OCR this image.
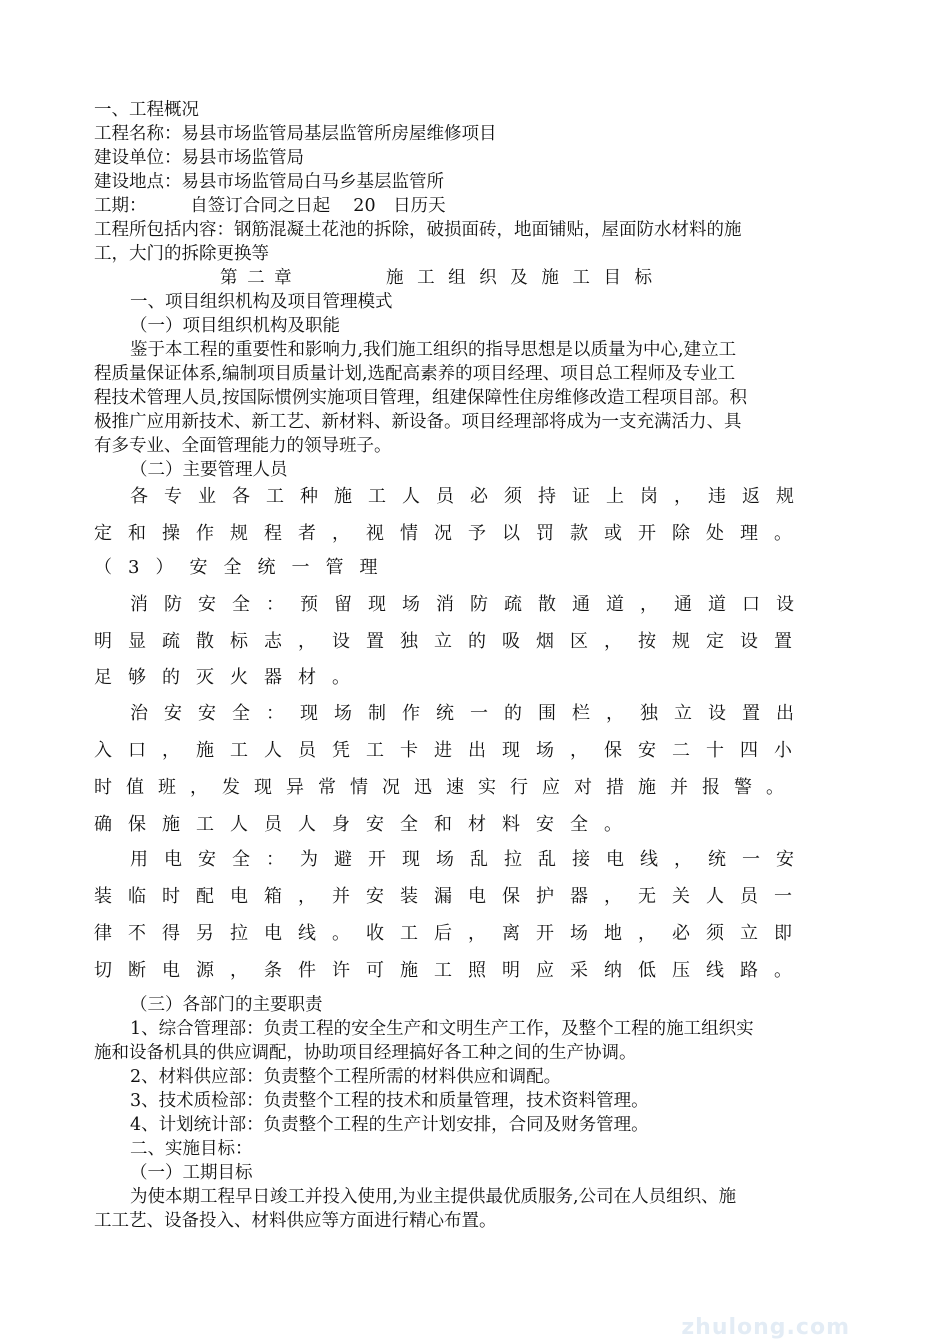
一、工程概况
工程名称：易县市场监管局基层监管所房屋维修项目
建设单位：易县市场监管局
建设地点：易县市场监管局白马乡基层监管所
工期：　　　自签订合同之日起　 20　日历天
工程所包括内容：钢筋混凝土花池的拆除，破损面砖，地面铺贴，屋面防水材料的施
工，大门的拆除更换等
第 二 章	施 工 组 织 及 施 工 目 标
一、项目组织机构及项目管理模式
（一）项目组织机构及职能
鉴于本工程的重要性和影响力,我们施工组织的指导思想是以质量为中心,建立工
程质量保证体系,编制项目质量计划,选配高素养的项目经理、项目总工程师及专业工
程技术管理人员,按国际惯例实施项目管理，组建保障性住房维修改造工程项目部。积
极推广应用新技术、新工艺、新材料、新设备。项目经理部将成为一支充满活力、具
有多专业、全面管理能力的领导班子。
（二）主要管理人员
各专业各工种施工人员必须持证上岗，违返规
定和操作规程者，视情况予以罚款或开除处理。
（3）安全统一管理
消防安全：预留现场消防疏散通道，通道口设
明显疏散标志，设置独立的吸烟区，按规定设置
足够的灭火器材。
治安安全：现场制作统一的围栏，独立设置出
入口，施工人员凭工卡进出现场，保安二十四小
时值班，发现异常情况迅速实行应对措施并报警。
确保施工人员人身安全和材料安全。
用电安全：为避开现场乱拉乱接电线，统一安
装临时配电箱，并安装漏电保护器，无关人员一
律不得另拉电线。收工后，离开场地，必须立即
切断电源，条件许可施工照明应采纳低压线路。
（三）各部门的主要职责
1、综合管理部：负责工程的安全生产和文明生产工作，及整个工程的施工组织实
施和设备机具的供应调配，协助项目经理搞好各工种之间的生产协调。
2、材料供应部：负责整个工程所需的材料供应和调配。
3、技术质检部：负责整个工程的技术和质量管理，技术资料管理。
4、计划统计部：负责整个工程的生产计划安排，合同及财务管理。
二、实施目标：
（一）工期目标
为使本期工程早日竣工并投入使用,为业主提供最优质服务,公司在人员组织、施
工工艺、设备投入、材料供应等方面进行精心布置。
zhulong.com
